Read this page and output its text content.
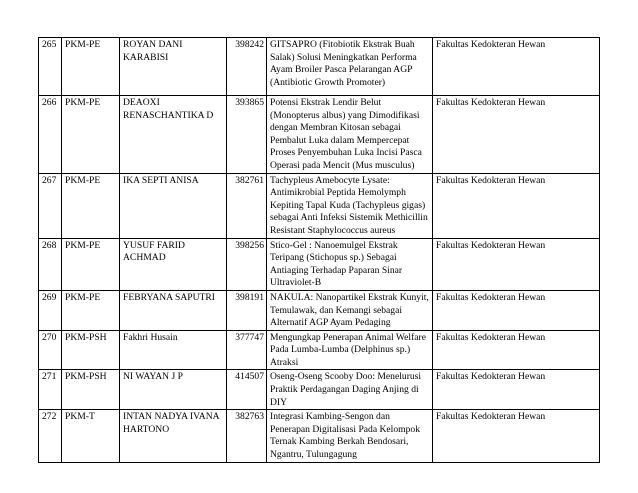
265	PKM-PE	ROYAN DANI KARABISI	398242	GITSAPRO (Fitobiotik Ekstrak Buah Salak) Solusi Meningkatkan Performa Ayam Broiler Pasca Pelarangan AGP (Antibiotic Growth Promoter)	Fakultas Kedokteran Hewan
266	PKM-PE	DEAOXI RENASCHANTIKA D	393865	Potensi Ekstrak Lendir Belut (Monopterus albus) yang Dimodifikasi dengan Membran Kitosan sebagai Pembalut Luka dalam Mempercepat Proses Penyembuhan Luka Incisi Pasca Operasi pada Mencit (Mus musculus)	Fakultas Kedokteran Hewan
267	PKM-PE	IKA SEPTI ANISA	382761	Tachypleus Amebocyte Lysate: Antimikrobial Peptida Hemolymph Kepiting Tapal Kuda (Tachypleus gigas) sebagai Anti Infeksi Sistemik Methicillin Resistant Staphylococcus aureus	Fakultas Kedokteran Hewan
268	PKM-PE	YUSUF FARID ACHMAD	398256	Stico-Gel : Nanoemulgel Ekstrak Teripang (Stichopus sp.) Sebagai Antiaging Terhadap Paparan Sinar Ultraviolet-B	Fakultas Kedokteran Hewan
269	PKM-PE	FEBRYANA SAPUTRI	398191	NAKULA: Nanopartikel Ekstrak Kunyit, Temulawak, dan Kemangi sebagai Alternatif AGP Ayam Pedaging	Fakultas Kedokteran Hewan
270	PKM-PSH	Fakhri Husain	377747	Mengungkap Penerapan Animal Welfare Pada Lumba-Lumba (Delphinus sp.) Atraksi	Fakultas Kedokteran Hewan
271	PKM-PSH	NI WAYAN J P	414507	Oseng-Oseng Scooby Doo: Menelurusi Praktik Perdagangan Daging Anjing di DIY	Fakultas Kedokteran Hewan
272	PKM-T	INTAN NADYA IVANA HARTONO	382763	Integrasi Kambing-Sengon dan Penerapan Digitalisasi Pada Kelompok Ternak Kambing Berkah Bendosari, Ngantru, Tulungagung	Fakultas Kedokteran Hewan
